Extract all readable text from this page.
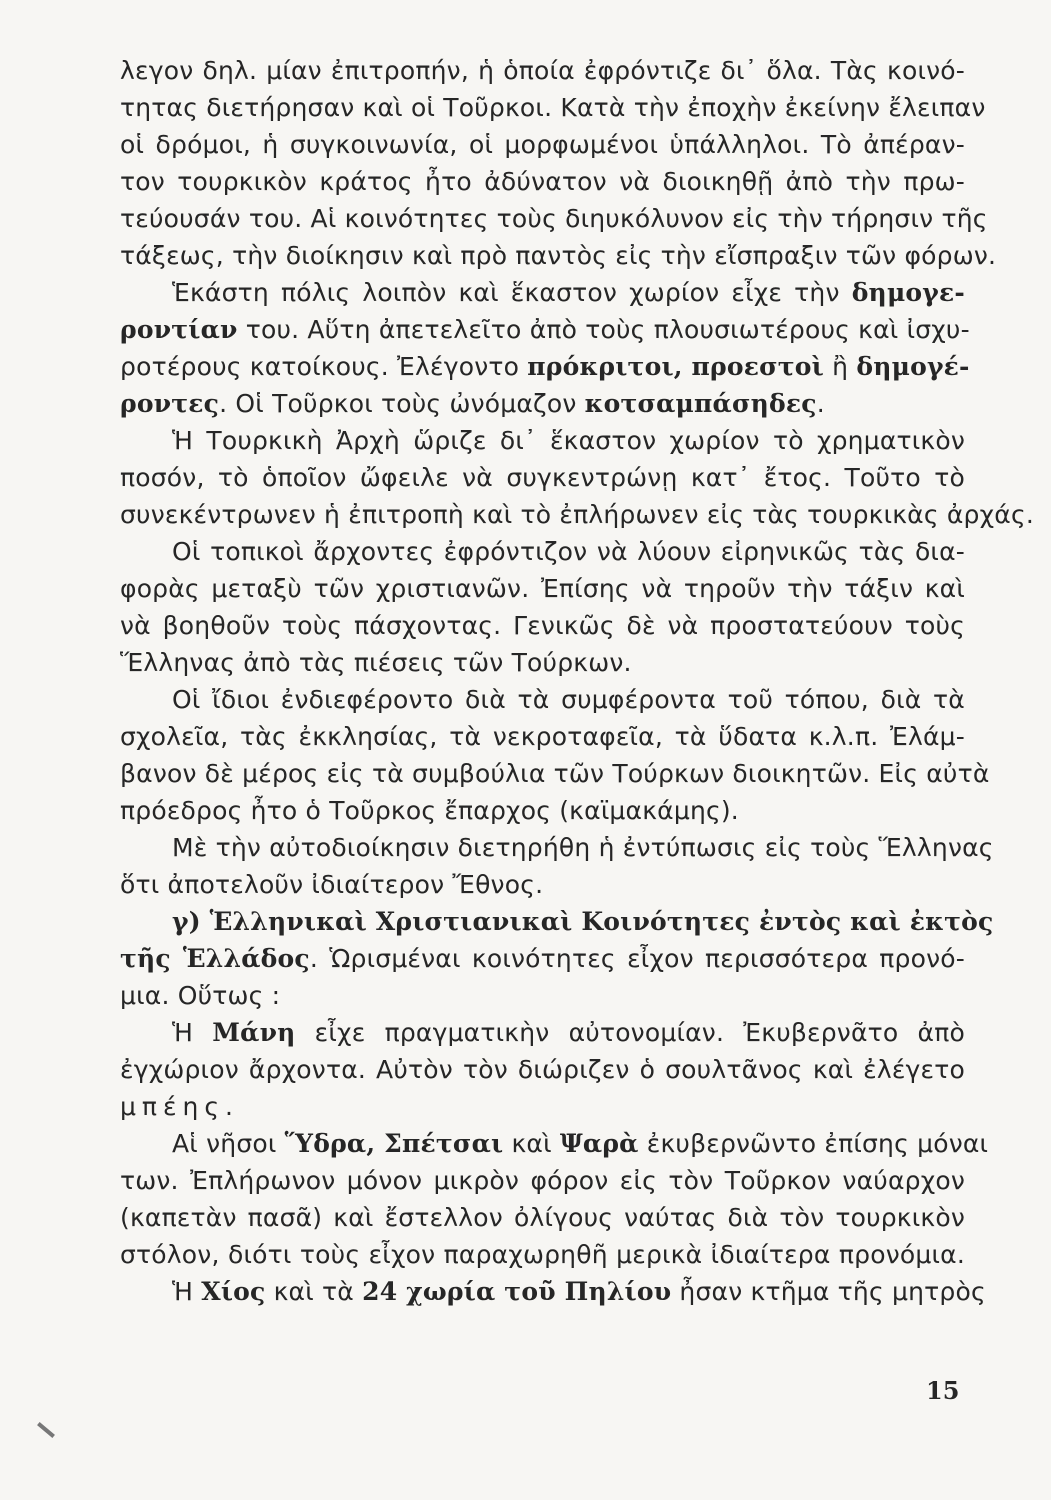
λεγον δηλ. μίαν ἐπιτροπήν, ἡ ὁποία ἐφρόντιζε δι᾽ ὅλα. Τὰς κοινό-
τητας διετήρησαν καὶ οἱ Τοῦρκοι. Κατὰ τὴν ἐποχὴν ἐκείνην ἔλειπαν
οἱ δρόμοι, ἡ συγκοινωνία, οἱ μορφωμένοι ὑπάλληλοι. Τὸ ἀπέραν-
τον τουρκικὸν κράτος ἦτο ἀδύνατον νὰ διοικηθῇ ἀπὸ τὴν πρω-
τεύουσάν του. Αἱ κοινότητες τοὺς διηυκόλυνον εἰς τὴν τήρησιν τῆς
τάξεως, τὴν διοίκησιν καὶ πρὸ παντὸς εἰς τὴν εἴσπραξιν τῶν φόρων.
Ἑκάστη πόλις λοιπὸν καὶ ἕκαστον χωρίον εἶχε τὴν δημογε-
ροντίαν του. Αὕτη ἀπετελεῖτο ἀπὸ τοὺς πλουσιωτέρους καὶ ἰσχυ-
ροτέρους κατοίκους. Ἐλέγοντο πρόκριτοι, προεστοὶ ἢ δημογέ-
ροντες. Οἱ Τοῦρκοι τοὺς ὠνόμαζον κοτσαμπάσηδες.
Ἡ Τουρκικὴ Ἀρχὴ ὥριζε δι᾽ ἕκαστον χωρίον τὸ χρηματικὸν
ποσόν, τὸ ὁποῖον ὤφειλε νὰ συγκεντρώνῃ κατ᾽ ἔτος. Τοῦτο τὸ
συνεκέντρωνεν ἡ ἐπιτροπὴ καὶ τὸ ἐπλήρωνεν εἰς τὰς τουρκικὰς ἀρχάς.
Οἱ τοπικοὶ ἄρχοντες ἐφρόντιζον νὰ λύουν εἰρηνικῶς τὰς δια-
φορὰς μεταξὺ τῶν χριστιανῶν. Ἐπίσης νὰ τηροῦν τὴν τάξιν καὶ
νὰ βοηθοῦν τοὺς πάσχοντας. Γενικῶς δὲ νὰ προστατεύουν τοὺς
Ἕλληνας ἀπὸ τὰς πιέσεις τῶν Τούρκων.
Οἱ ἴδιοι ἐνδιεφέροντο διὰ τὰ συμφέροντα τοῦ τόπου, διὰ τὰ
σχολεῖα, τὰς ἐκκλησίας, τὰ νεκροταφεῖα, τὰ ὕδατα κ.λ.π. Ἐλάμ-
βανον δὲ μέρος εἰς τὰ συμβούλια τῶν Τούρκων διοικητῶν. Εἰς αὐτὰ
πρόεδρος ἦτο ὁ Τοῦρκος ἔπαρχος (καϊμακάμης).
Μὲ τὴν αὐτοδιοίκησιν διετηρήθη ἡ ἐντύπωσις εἰς τοὺς Ἕλληνας
ὅτι ἀποτελοῦν ἰδιαίτερον Ἔθνος.
γ) Ἑλληνικαὶ Χριστιανικαὶ Κοινότητες ἐντὸς καὶ ἐκτὸς
τῆς Ἑλλάδος. Ὡρισμέναι κοινότητες εἶχον περισσότερα προνό-
μια. Οὕτως :
Ἡ Μάνη εἶχε πραγματικὴν αὐτονομίαν. Ἐκυβερνᾶτο ἀπὸ
ἐγχώριον ἄρχοντα. Αὐτὸν τὸν διώριζεν ὁ σουλτᾶνος καὶ ἐλέγετο
μπέης.
Αἱ νῆσοι Ὕδρα, Σπέτσαι καὶ Ψαρὰ ἐκυβερνῶντο ἐπίσης μόναι
των. Ἐπλήρωνον μόνον μικρὸν φόρον εἰς τὸν Τοῦρκον ναύαρχον
(καπετὰν πασᾶ) καὶ ἔστελλον ὀλίγους ναύτας διὰ τὸν τουρκικὸν
στόλον, διότι τοὺς εἶχον παραχωρηθῆ μερικὰ ἰδιαίτερα προνόμια.
Ἡ Χίος καὶ τὰ 24 χωρία τοῦ Πηλίου ἦσαν κτῆμα τῆς μητρὸς
15
